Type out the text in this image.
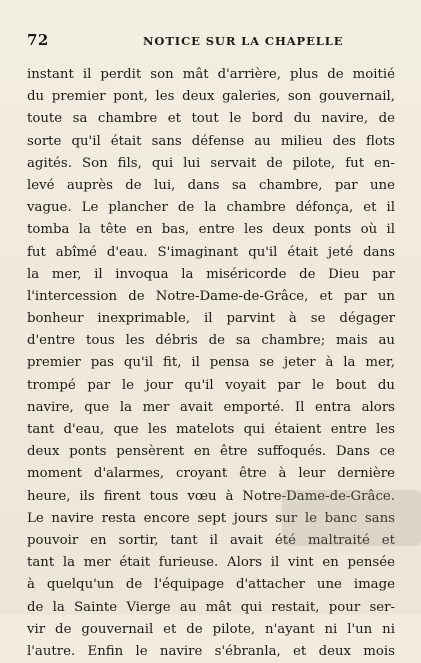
72	NOTICE SUR LA CHAPELLE
instant il perdit son mât d'arrière, plus de moitié
du premier pont, les deux galeries, son gouvernail,
toute sa chambre et tout le bord du navire, de
sorte qu'il était sans défense au milieu des flots
agités. Son fils, qui lui servait de pilote, fut en-
levé auprès de lui, dans sa chambre, par une
vague. Le plancher de la chambre défonça, et il
tomba la tête en bas, entre les deux ponts où il
fut abîmé d'eau. S'imaginant qu'il était jeté dans
la mer, il invoqua la miséricorde de Dieu par
l'intercession de Notre-Dame-de-Grâce, et par un
bonheur inexprimable, il parvint à se dégager
d'entre tous les débris de sa chambre; mais au
premier pas qu'il fit, il pensa se jeter à la mer,
trompé par le jour qu'il voyait par le bout du
navire, que la mer avait emporté. Il entra alors
tant d'eau, que les matelots qui étaient entre les
deux ponts pensèrent en être suffoqués. Dans ce
moment d'alarmes, croyant être à leur dernière
heure, ils firent tous vœu à Notre-Dame-de-Grâce.
Le navire resta encore sept jours sur le banc sans
pouvoir en sortir, tant il avait été maltraité et
tant la mer était furieuse. Alors il vint en pensée
à quelqu'un de l'équipage d'attacher une image
de la Sainte Vierge au mât qui restait, pour ser-
vir de gouvernail et de pilote, n'ayant ni l'un ni
l'autre. Enfin le navire s'ébranla, et deux mois
